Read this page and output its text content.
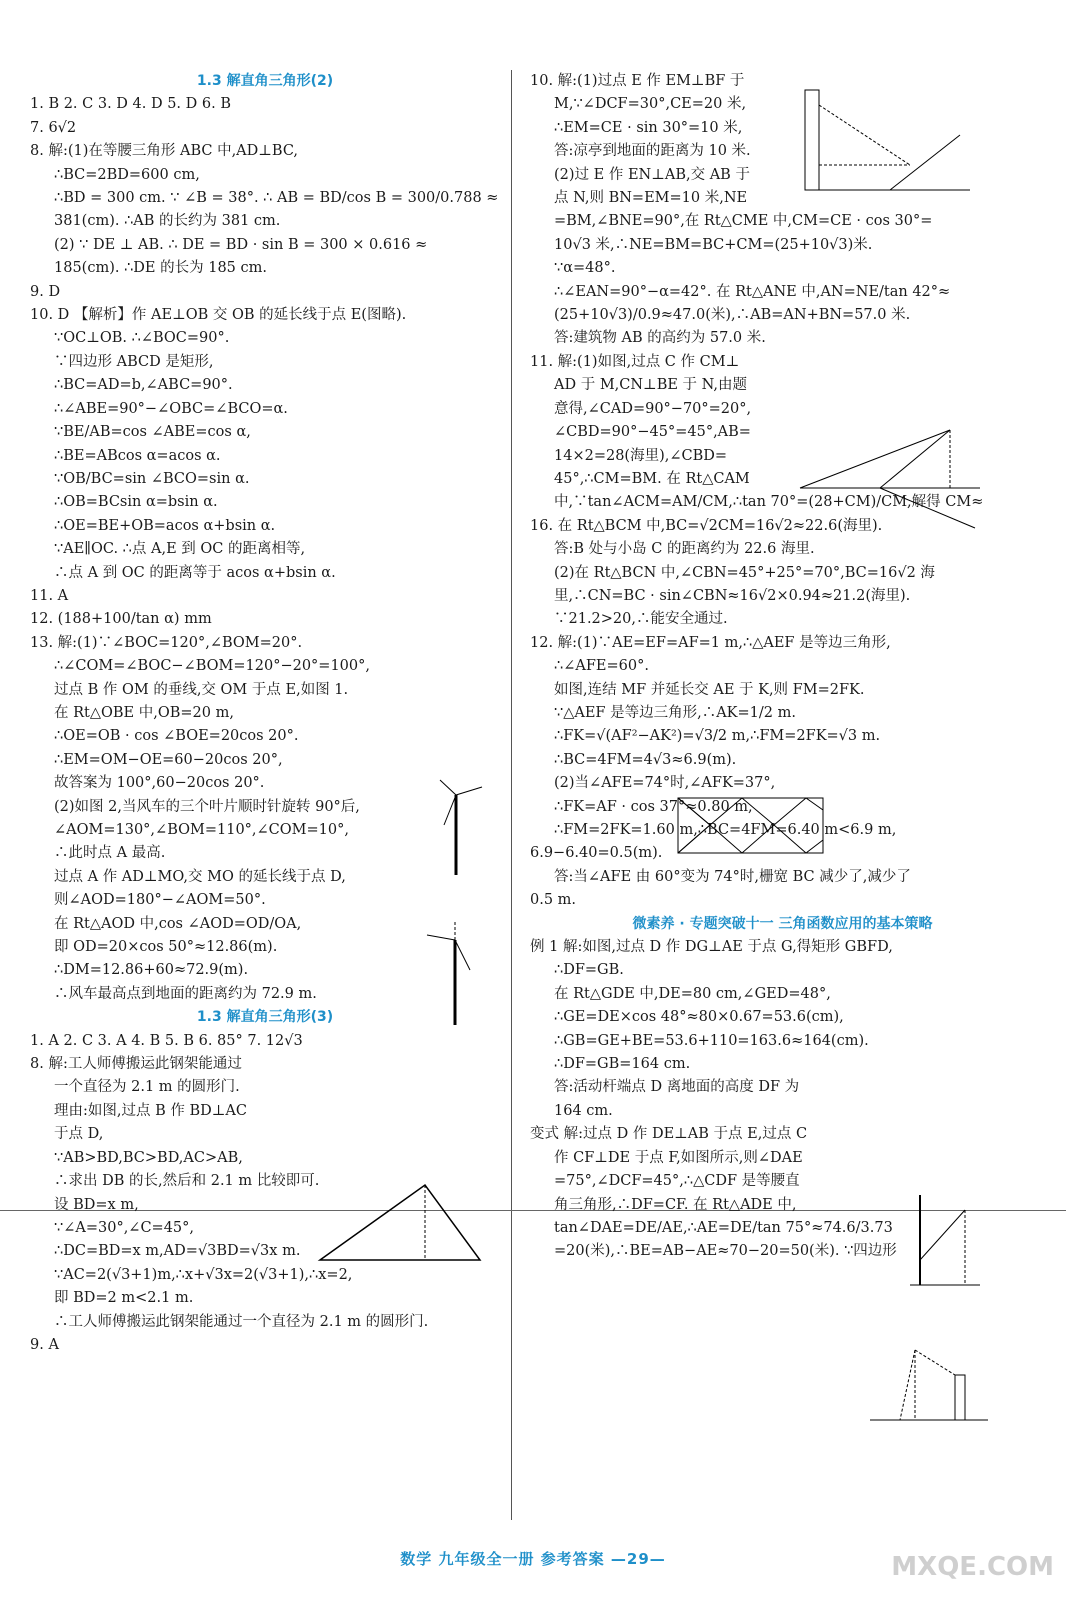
1.3 解直角三角形(2)
1. B 2. C 3. D 4. D 5. D 6. B
7. 6√2
8. 解:(1)在等腰三角形 ABC 中,AD⊥BC,
∴BC=2BD=600 cm,
∴BD = 300 cm. ∵ ∠B = 38°. ∴ AB = BD/cos B = 300/0.788 ≈
381(cm). ∴AB 的长约为 381 cm.
(2) ∵ DE ⊥ AB. ∴ DE = BD · sin B = 300 × 0.616 ≈
185(cm). ∴DE 的长为 185 cm.
9. D
10. D 【解析】作 AE⊥OB 交 OB 的延长线于点 E(图略).
∵OC⊥OB. ∴∠BOC=90°.
∵四边形 ABCD 是矩形,
∴BC=AD=b,∠ABC=90°.
∴∠ABE=90°−∠OBC=∠BCO=α.
∵BE/AB=cos ∠ABE=cos α,
∴BE=ABcos α=acos α.
∵OB/BC=sin ∠BCO=sin α.
∴OB=BCsin α=bsin α.
∴OE=BE+OB=acos α+bsin α.
∵AE∥OC. ∴点 A,E 到 OC 的距离相等,
∴点 A 到 OC 的距离等于 acos α+bsin α.
11. A
12. (188+100/tan α) mm
13. 解:(1)∵∠BOC=120°,∠BOM=20°.
∴∠COM=∠BOC−∠BOM=120°−20°=100°,
过点 B 作 OM 的垂线,交 OM 于点 E,如图 1.
在 Rt△OBE 中,OB=20 m,
∴OE=OB · cos ∠BOE=20cos 20°.
∴EM=OM−OE=60−20cos 20°,
故答案为 100°,60−20cos 20°.
(2)如图 2,当风车的三个叶片顺时针旋转 90°后,
∠AOM=130°,∠BOM=110°,∠COM=10°,
∴此时点 A 最高.
过点 A 作 AD⊥MO,交 MO 的延长线于点 D,
则∠AOD=180°−∠AOM=50°.
在 Rt△AOD 中,cos ∠AOD=OD/OA,
即 OD=20×cos 50°≈12.86(m).
∴DM=12.86+60≈72.9(m).
∴风车最高点到地面的距离约为 72.9 m.
1.3 解直角三角形(3)
1. A 2. C 3. A 4. B 5. B 6. 85° 7. 12√3
8. 解:工人师傅搬运此钢架能通过
一个直径为 2.1 m 的圆形门.
理由:如图,过点 B 作 BD⊥AC
于点 D,
∵AB>BD,BC>BD,AC>AB,
∴求出 DB 的长,然后和 2.1 m 比较即可.
设 BD=x m,
∵∠A=30°,∠C=45°,
∴DC=BD=x m,AD=√3BD=√3x m.
∵AC=2(√3+1)m,∴x+√3x=2(√3+1),∴x=2,
即 BD=2 m<2.1 m.
∴工人师傅搬运此钢架能通过一个直径为 2.1 m 的圆形门.
9. A
10. 解:(1)过点 E 作 EM⊥BF 于
M,∵∠DCF=30°,CE=20 米,
∴EM=CE · sin 30°=10 米,
答:凉亭到地面的距离为 10 米.
(2)过 E 作 EN⊥AB,交 AB 于
点 N,则 BN=EM=10 米,NE
=BM,∠BNE=90°,在 Rt△CME 中,CM=CE · cos 30°=
10√3 米,∴NE=BM=BC+CM=(25+10√3)米.
∵α=48°.
∴∠EAN=90°−α=42°. 在 Rt△ANE 中,AN=NE/tan 42°≈
(25+10√3)/0.9≈47.0(米),∴AB=AN+BN=57.0 米.
答:建筑物 AB 的高约为 57.0 米.
11. 解:(1)如图,过点 C 作 CM⊥
AD 于 M,CN⊥BE 于 N,由题
意得,∠CAD=90°−70°=20°,
∠CBD=90°−45°=45°,AB=
14×2=28(海里),∠CBD=
45°,∴CM=BM. 在 Rt△CAM
中,∵tan∠ACM=AM/CM,∴tan 70°=(28+CM)/CM,解得 CM≈
16. 在 Rt△BCM 中,BC=√2CM=16√2≈22.6(海里).
答:B 处与小岛 C 的距离约为 22.6 海里.
(2)在 Rt△BCN 中,∠CBN=45°+25°=70°,BC=16√2 海
里,∴CN=BC · sin∠CBN≈16√2×0.94≈21.2(海里).
∵21.2>20,∴能安全通过.
12. 解:(1)∵AE=EF=AF=1 m,∴△AEF 是等边三角形,
∴∠AFE=60°.
如图,连结 MF 并延长交 AE 于 K,则 FM=2FK.
∵△AEF 是等边三角形,∴AK=1/2 m.
∴FK=√(AF²−AK²)=√3/2 m,∴FM=2FK=√3 m.
∴BC=4FM=4√3≈6.9(m).
(2)当∠AFE=74°时,∠AFK=37°,
∴FK=AF · cos 37°≈0.80 m,
∴FM=2FK=1.60 m,∴BC=4FM=6.40 m<6.9 m,
6.9−6.40=0.5(m).
答:当∠AFE 由 60°变为 74°时,栅宽 BC 减少了,减少了
0.5 m.
微素养 · 专题突破十一 三角函数应用的基本策略
例 1 解:如图,过点 D 作 DG⊥AE 于点 G,得矩形 GBFD,
∴DF=GB.
在 Rt△GDE 中,DE=80 cm,∠GED=48°,
∴GE=DE×cos 48°≈80×0.67=53.6(cm),
∴GB=GE+BE=53.6+110=163.6≈164(cm).
∴DF=GB=164 cm.
答:活动杆端点 D 离地面的高度 DF 为
164 cm.
变式 解:过点 D 作 DE⊥AB 于点 E,过点 C
作 CF⊥DE 于点 F,如图所示,则∠DAE
=75°,∠DCF=45°,∴△CDF 是等腰直
角三角形,∴DF=CF. 在 Rt△ADE 中,
tan∠DAE=DE/AE,∴AE=DE/tan 75°≈74.6/3.73
=20(米),∴BE=AB−AE≈70−20=50(米). ∵四边形
数学 九年级全一册 参考答案 —29—	MXQE.COM
